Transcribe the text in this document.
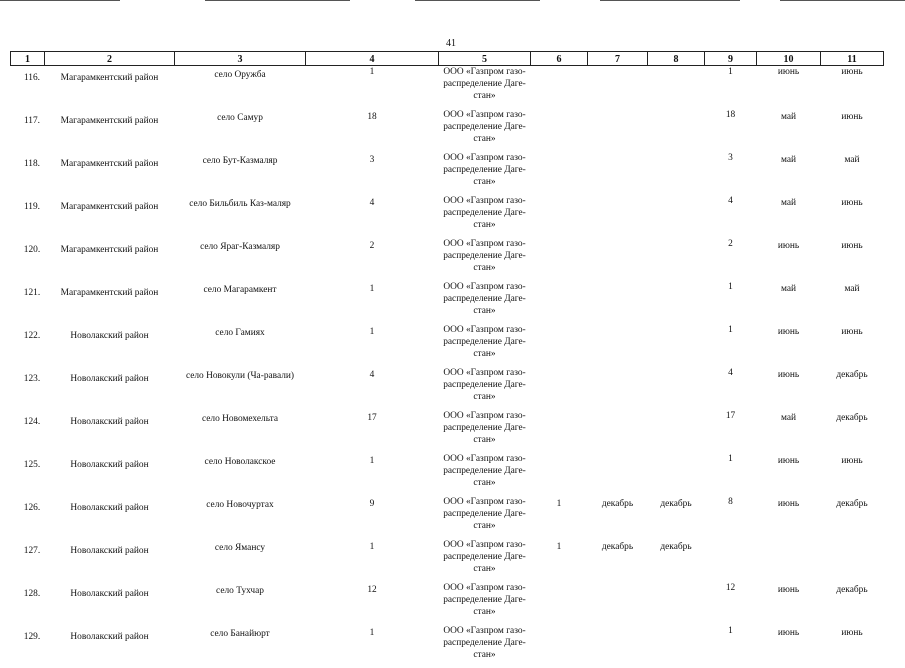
41
1	2	3	4	5	6	7	8	9	10	11
116.	Магарамкентский район	село Оружба	1	ООО «Газпром газо-распределение Даге-стан»				1	июнь	июнь
117.	Магарамкентский район	село Самур	18	ООО «Газпром газо-распределение Даге-стан»				18	май	июнь
118.	Магарамкентский район	село Бут-Казмаляр	3	ООО «Газпром газо-распределение Даге-стан»				3	май	май
119.	Магарамкентский район	село Бильбиль Каз-маляр	4	ООО «Газпром газо-распределение Даге-стан»				4	май	июнь
120.	Магарамкентский район	село Яраг-Казмаляр	2	ООО «Газпром газо-распределение Даге-стан»				2	июнь	июнь
121.	Магарамкентский район	село Магарамкент	1	ООО «Газпром газо-распределение Даге-стан»				1	май	май
122.	Новолакский район	село Гамиях	1	ООО «Газпром газо-распределение Даге-стан»				1	июнь	июнь
123.	Новолакский район	село Новокули (Ча-равали)	4	ООО «Газпром газо-распределение Даге-стан»				4	июнь	декабрь
124.	Новолакский район	село Новомехельта	17	ООО «Газпром газо-распределение Даге-стан»				17	май	декабрь
125.	Новолакский район	село Новолакское	1	ООО «Газпром газо-распределение Даге-стан»				1	июнь	июнь
126.	Новолакский район	село Новочуртах	9	ООО «Газпром газо-распределение Даге-стан»	1	декабрь	декабрь	8	июнь	декабрь
127.	Новолакский район	село Ямансу	1	ООО «Газпром газо-распределение Даге-стан»	1	декабрь	декабрь			
128.	Новолакский район	село Тухчар	12	ООО «Газпром газо-распределение Даге-стан»				12	июнь	декабрь
129.	Новолакский район	село Банайюрт	1	ООО «Газпром газо-распределение Даге-стан»				1	июнь	июнь
